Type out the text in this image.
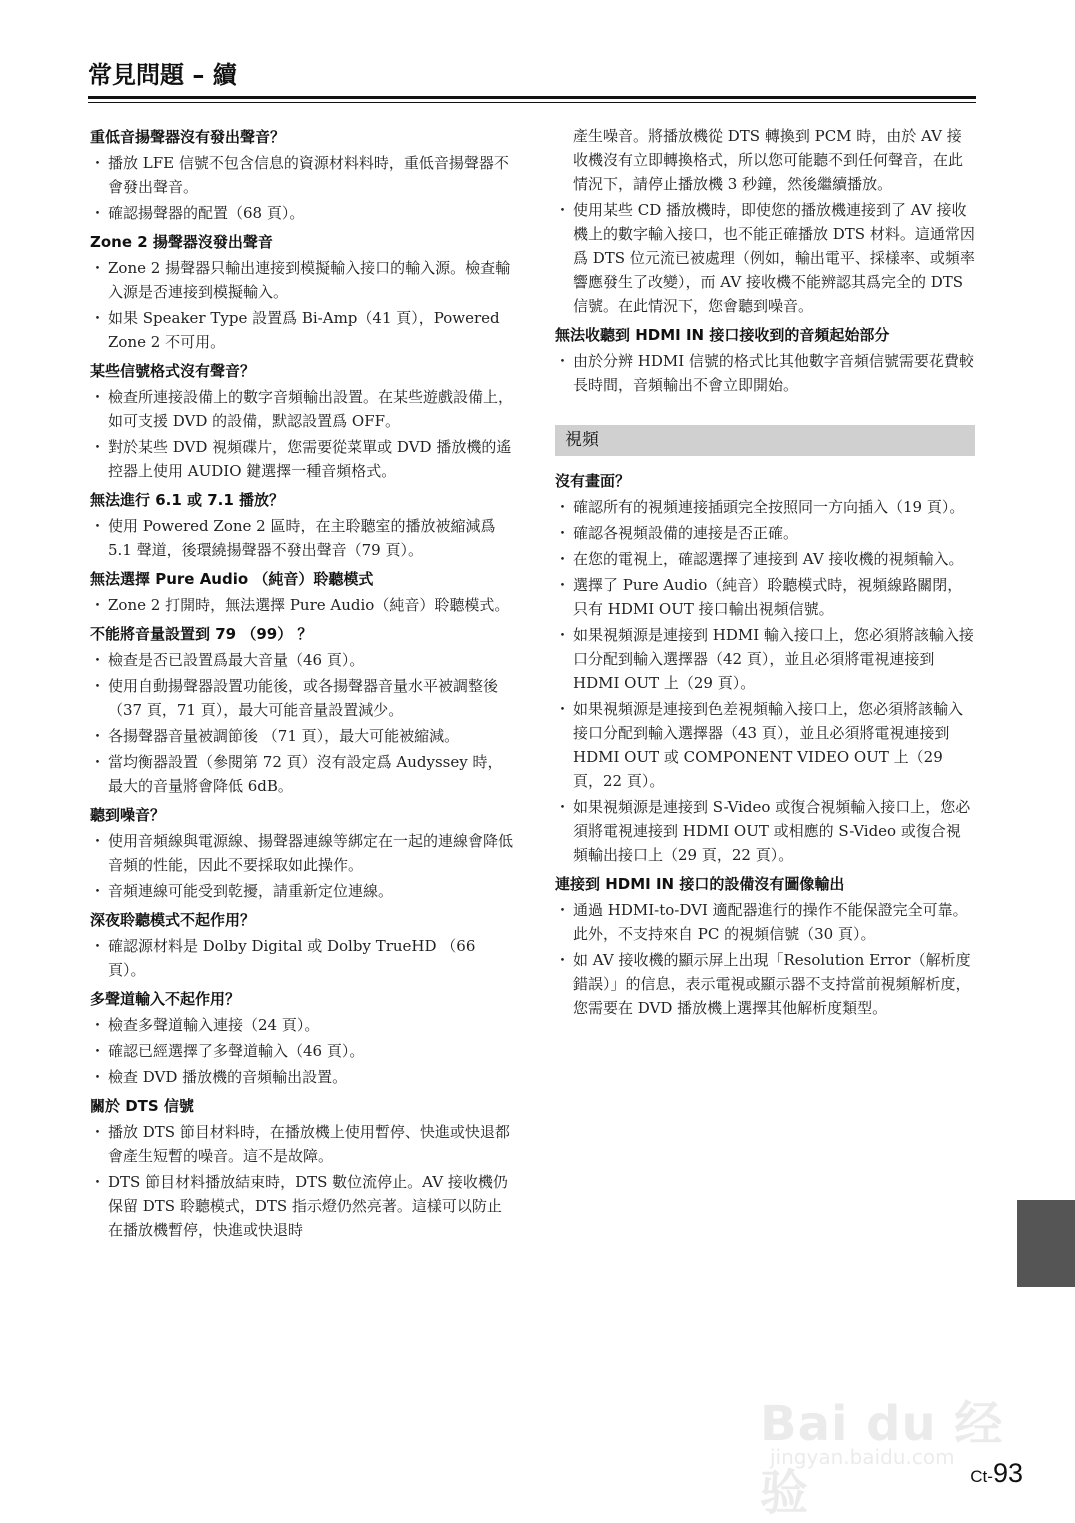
常見問題 – 續
重低音揚聲器沒有發出聲音？
・ 播放 LFE 信號不包含信息的資源材料料時，重低音揚聲器不會發出聲音。
・ 確認揚聲器的配置（68 頁）。
Zone 2 揚聲器沒發出聲音
・ Zone 2 揚聲器只輸出連接到模擬輸入接口的輸入源。檢查輸入源是否連接到模擬輸入。
・ 如果 Speaker Type 設置爲 Bi-Amp（41 頁），Powered Zone 2 不可用。
某些信號格式沒有聲音？
・ 檢查所連接設備上的數字音頻輸出設置。在某些遊戲設備上，如可支援 DVD 的設備，默認設置爲 OFF。
・ 對於某些 DVD 視頻碟片，您需要從菜單或 DVD 播放機的遙控器上使用 AUDIO 鍵選擇一種音頻格式。
無法進行 6.1 或 7.1 播放？
・ 使用 Powered Zone 2 區時，在主聆聽室的播放被縮減爲 5.1 聲道，後環繞揚聲器不發出聲音（79 頁）。
無法選擇 Pure Audio （純音）聆聽模式
・ Zone 2 打開時，無法選擇 Pure Audio（純音）聆聽模式。
不能將音量設置到 79 （99） ？
・ 檢查是否已設置爲最大音量（46 頁）。
・ 使用自動揚聲器設置功能後，或各揚聲器音量水平被調整後（37 頁，71 頁），最大可能音量設置減少。
・ 各揚聲器音量被調節後 （71 頁），最大可能被縮減。
・ 當均衡器設置（參閱第 72 頁）沒有設定爲 Audyssey 時，最大的音量將會降低 6dB。
聽到噪音？
・ 使用音頻線與電源線、揚聲器連線等綁定在一起的連線會降低音頻的性能，因此不要採取如此操作。
・ 音頻連線可能受到乾擾，請重新定位連線。
深夜聆聽模式不起作用？
・ 確認源材料是 Dolby Digital 或 Dolby TrueHD （66 頁）。
多聲道輸入不起作用？
・ 檢查多聲道輸入連接（24 頁）。
・ 確認已經選擇了多聲道輸入（46 頁）。
・ 檢查 DVD 播放機的音頻輸出設置。
關於 DTS 信號
・ 播放 DTS 節目材料時，在播放機上使用暫停、快進或快退都會產生短暫的噪音。這不是故障。
・ DTS 節目材料播放結束時，DTS 數位流停止。AV 接收機仍保留 DTS 聆聽模式，DTS 指示燈仍然亮著。這樣可以防止在播放機暫停，快進或快退時
產生噪音。將播放機從 DTS 轉換到 PCM 時，由於 AV 接收機沒有立即轉換格式，所以您可能聽不到任何聲音，在此情況下，請停止播放機 3 秒鐘，然後繼續播放。
・ 使用某些 CD 播放機時，即使您的播放機連接到了 AV 接收機上的數字輸入接口，也不能正確播放 DTS 材料。這通常因爲 DTS 位元流已被處理（例如，輸出電平、採樣率、或頻率響應發生了改變），而 AV 接收機不能辨認其爲完全的 DTS 信號。在此情況下，您會聽到噪音。
無法收聽到 HDMI IN 接口接收到的音頻起始部分
・ 由於分辨 HDMI 信號的格式比其他數字音頻信號需要花費較長時間，音頻輸出不會立即開始。
視頻
沒有畫面？
・ 確認所有的視頻連接插頭完全按照同一方向插入（19 頁）。
・ 確認各視頻設備的連接是否正確。
・ 在您的電視上，確認選擇了連接到 AV 接收機的視頻輸入。
・ 選擇了 Pure Audio（純音）聆聽模式時，視頻線路關閉，只有 HDMI OUT 接口輸出視頻信號。
・ 如果視頻源是連接到 HDMI 輸入接口上，您必須將該輸入接口分配到輸入選擇器（42 頁），並且必須將電視連接到 HDMI OUT 上（29 頁）。
・ 如果視頻源是連接到色差視頻輸入接口上，您必須將該輸入接口分配到輸入選擇器（43 頁），並且必須將電視連接到 HDMI OUT 或 COMPONENT VIDEO OUT 上（29 頁，22 頁）。
・ 如果視頻源是連接到 S-Video 或復合視頻輸入接口上，您必須將電視連接到 HDMI OUT 或相應的 S-Video 或復合視頻輸出接口上（29 頁，22 頁）。
連接到 HDMI IN 接口的設備沒有圖像輸出
・ 通過 HDMI-to-DVI 適配器進行的操作不能保證完全可靠。此外，不支持來自 PC 的視頻信號（30 頁）。
・ 如 AV 接收機的顯示屏上出現「Resolution Error（解析度錯誤）」的信息，表示電視或顯示器不支持當前視頻解析度，您需要在 DVD 播放機上選擇其他解析度類型。
Bai du 经验
jingyan.baidu.com
Ct-93
